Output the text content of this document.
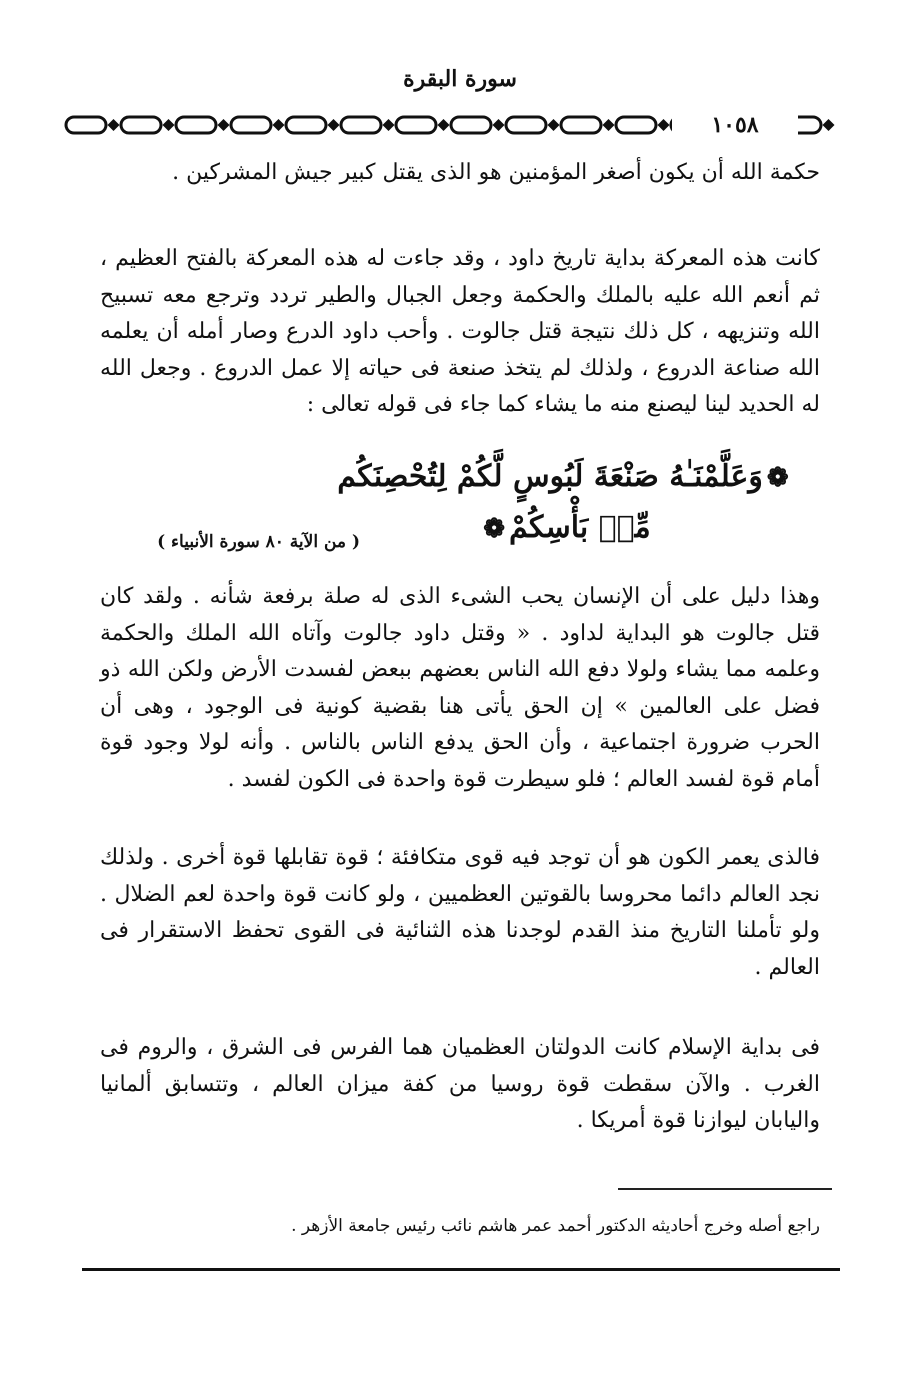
سورة البقرة
١٠٥٨

حكمة الله أن يكون أصغر المؤمنين هو الذى يقتل كبير جيش المشركين .

كانت هذه المعركة بداية تاريخ داود ، وقد جاءت له هذه المعركة بالفتح العظيم ، ثم أنعم الله عليه بالملك والحكمة وجعل الجبال والطير تردد وترجع معه تسبيح الله وتنزيهه ، كل ذلك نتيجة قتل جالوت . وأحب داود الدرع وصار أمله أن يعلمه الله صناعة الدروع ، ولذلك لم يتخذ صنعة فى حياته إلا عمل الدروع . وجعل الله له الحديد لينا ليصنع منه ما يشاء كما جاء فى قوله تعالى :

❁وَعَلَّمْنَـٰهُ صَنْعَةَ لَبُوسٍ لَّكُمْ لِتُحْصِنَكُم مِّنۢ بَأْسِكُمْ❁
( من الآية ٨٠ سورة الأنبياء )

وهذا دليل على أن الإنسان يحب الشىء الذى له صلة برفعة شأنه . ولقد كان قتل جالوت هو البداية لداود . « وقتل داود جالوت وآتاه الله الملك والحكمة وعلمه مما يشاء ولولا دفع الله الناس بعضهم ببعض لفسدت الأرض ولكن الله ذو فضل على العالمين » إن الحق يأتى هنا بقضية كونية فى الوجود ، وهى أن الحرب ضرورة اجتماعية ، وأن الحق يدفع الناس بالناس . وأنه لولا وجود قوة أمام قوة لفسد العالم ؛ فلو سيطرت قوة واحدة فى الكون لفسد .

فالذى يعمر الكون هو أن توجد فيه قوى متكافئة ؛ قوة تقابلها قوة أخرى . ولذلك نجد العالم دائما محروسا بالقوتين العظميين ، ولو كانت قوة واحدة لعم الضلال . ولو تأملنا التاريخ منذ القدم لوجدنا هذه الثنائية فى القوى تحفظ الاستقرار فى العالم .

فى بداية الإسلام كانت الدولتان العظميان هما الفرس فى الشرق ، والروم فى الغرب . والآن سقطت قوة روسيا من كفة ميزان العالم ، وتتسابق ألمانيا واليابان ليوازنا قوة أمريكا .

راجع أصله وخرج أحاديثه الدكتور أحمد عمر هاشم نائب رئيس جامعة الأزهر .
